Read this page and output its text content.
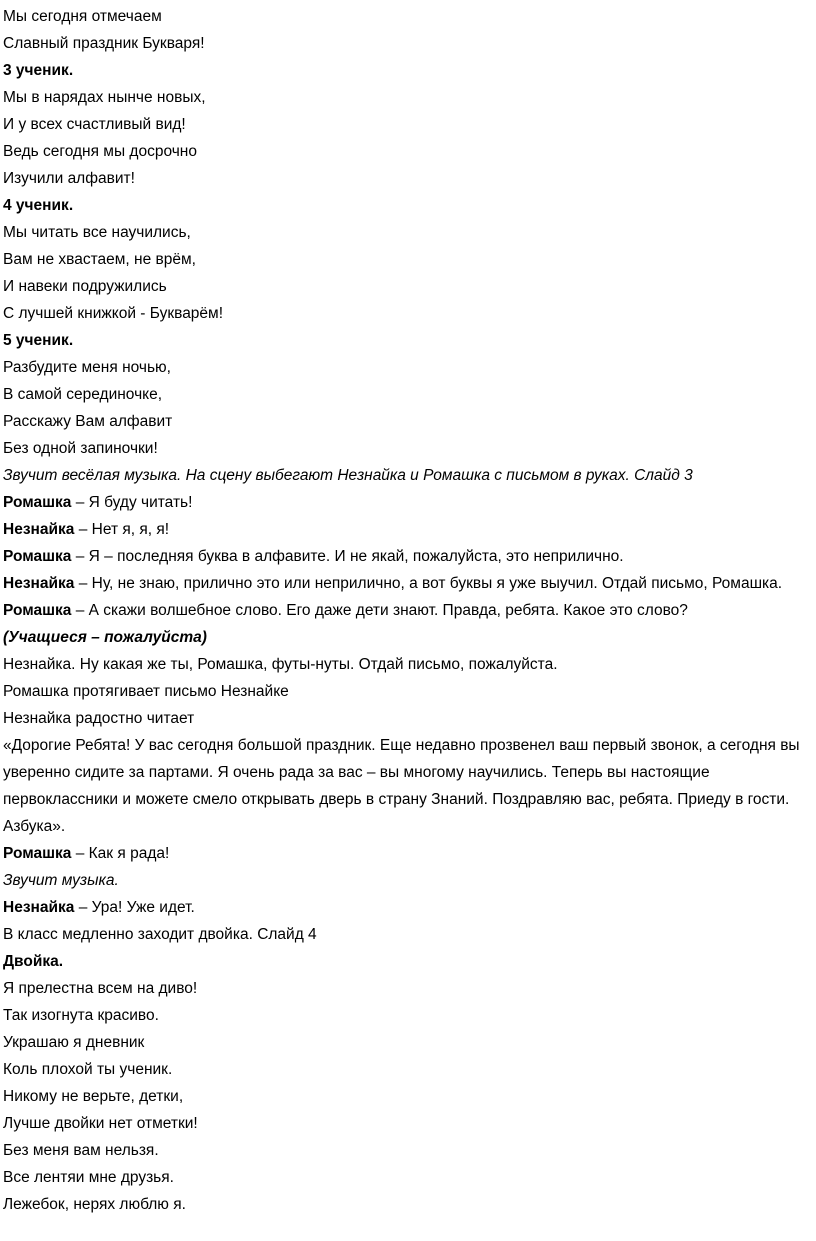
Мы сегодня отмечаем

Славный праздник Букваря!

3 ученик.

Мы в нарядах нынче новых,

И у всех счастливый вид!

Ведь сегодня мы досрочно

Изучили алфавит!

4 ученик.

Мы читать все научились,

Вам не хвастаем, не врём,

И навеки подружились

С лучшей книжкой - Букварём!

5 ученик.

Разбудите меня ночью,

В самой серединочке,

Расскажу Вам алфавит

Без одной запиночки!

Звучит весёлая музыка. На сцену выбегают Незнайка и Ромашка с письмом в руках. Слайд 3

Ромашка – Я буду читать!

Незнайка – Нет я, я, я!

Ромашка – Я – последняя буква в алфавите. И не якай, пожалуйста, это неприлично.

Незнайка – Ну, не знаю, прилично это или неприлично, а вот буквы я уже выучил. Отдай письмо, Ромашка.

Ромашка – А скажи волшебное слово. Его даже дети знают. Правда, ребята. Какое это слово?

(Учащиеся – пожалуйста)

Незнайка. Ну какая же ты, Ромашка, футы-нуты. Отдай письмо, пожалуйста.

Ромашка протягивает письмо Незнайке

Незнайка радостно читает

«Дорогие Ребята! У вас сегодня большой праздник. Еще недавно прозвенел ваш первый звонок, а сегодня вы уверенно сидите за партами. Я очень рада за вас – вы многому научились. Теперь вы настоящие первоклассники и можете смело открывать дверь в страну Знаний. Поздравляю вас, ребята. Приеду в гости. Азбука».

Ромашка – Как я рада!

Звучит музыка.

Незнайка – Ура! Уже идет.

В класс медленно заходит двойка. Слайд 4

Двойка.

Я прелестна всем на диво!

Так изогнута красиво.

Украшаю я дневник

Коль плохой ты ученик.

Никому не верьте, детки,

Лучше двойки нет отметки!

Без меня вам нельзя.

Все лентяи мне друзья.

Лежебок, нерях люблю я.
